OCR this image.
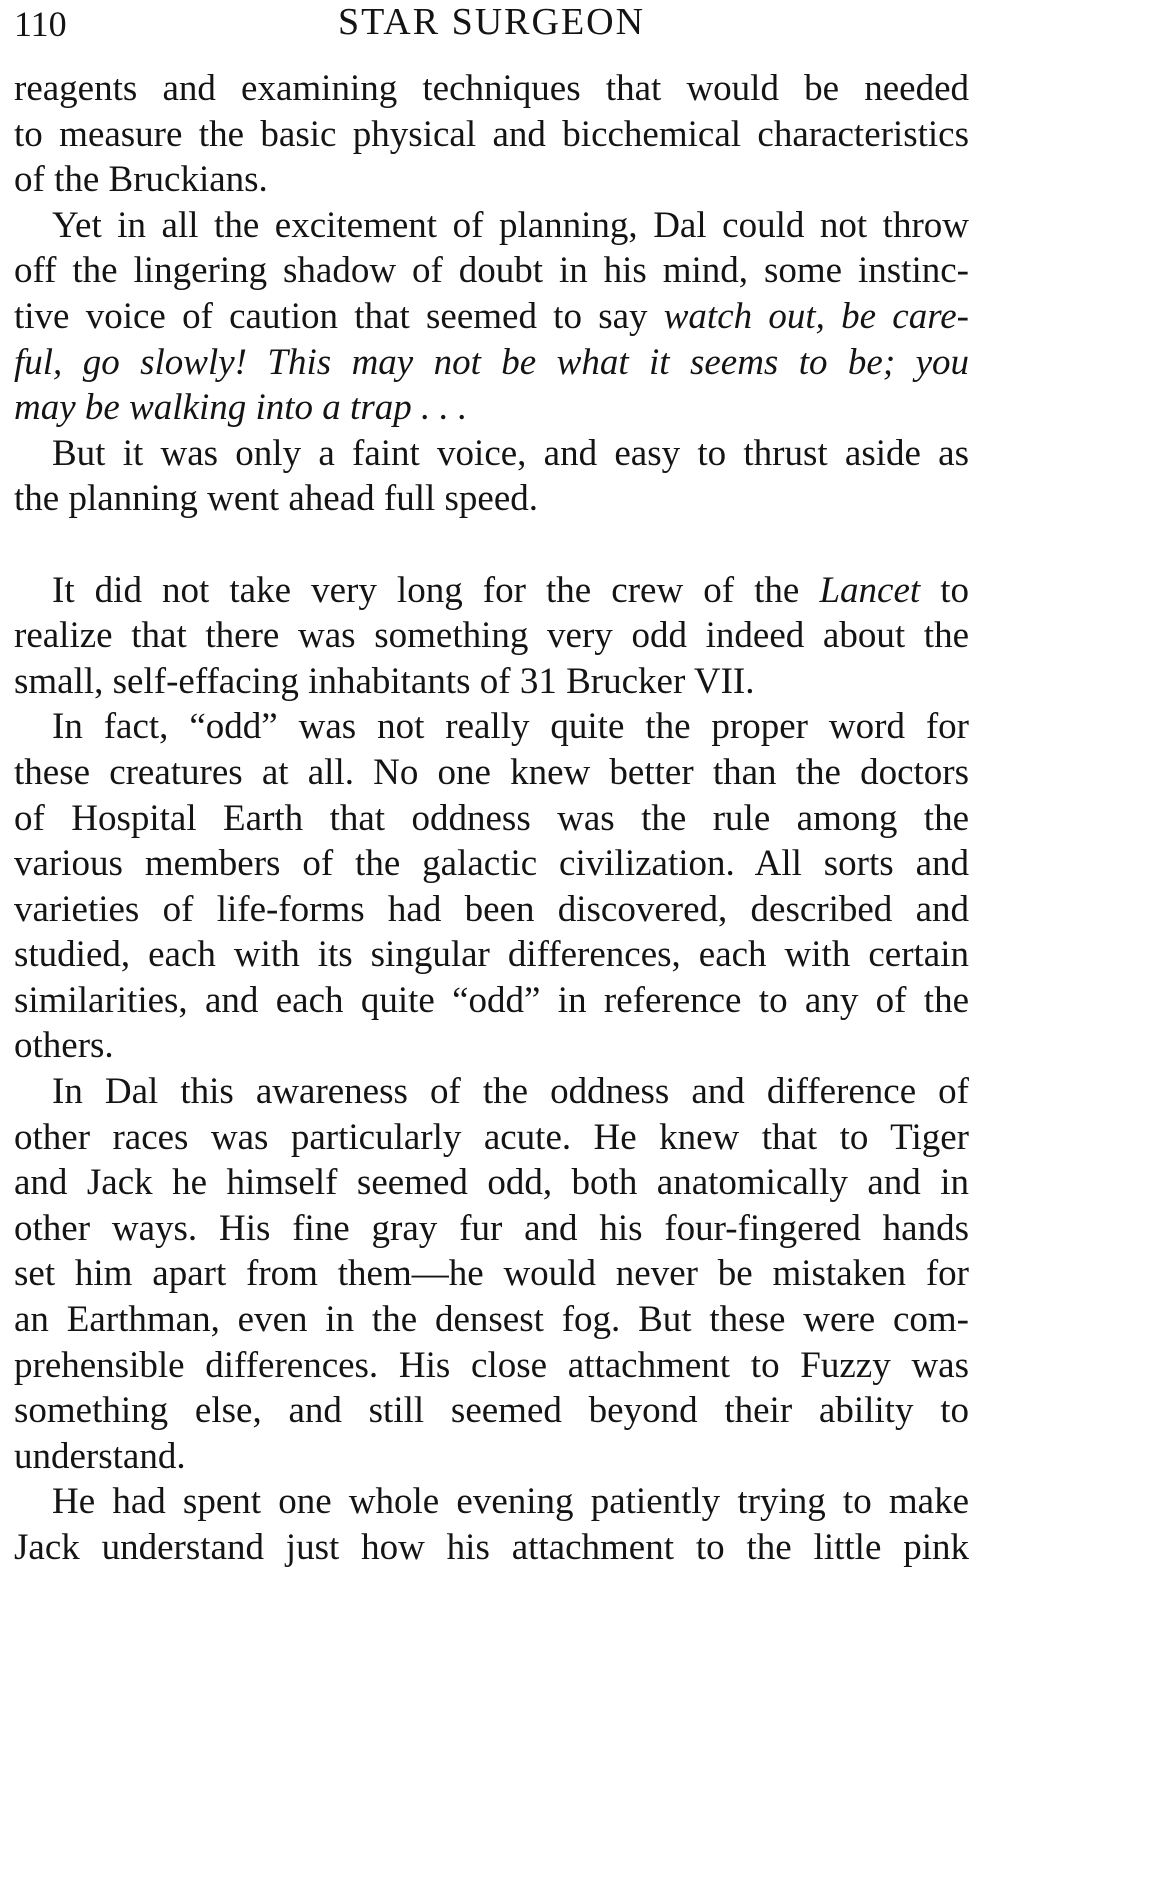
110	STAR SURGEON
reagents and examining techniques that would be needed
to measure the basic physical and bicchemical characteristics
of the Bruckians.
Yet in all the excitement of planning, Dal could not throw
off the lingering shadow of doubt in his mind, some instinc-
tive voice of caution that seemed to say watch out, be care-
ful, go slowly! This may not be what it seems to be; you
may be walking into a trap . . .
But it was only a faint voice, and easy to thrust aside as
the planning went ahead full speed.
It did not take very long for the crew of the Lancet to
realize that there was something very odd indeed about the
small, self-effacing inhabitants of 31 Brucker VII.
In fact, “odd” was not really quite the proper word for
these creatures at all. No one knew better than the doctors
of Hospital Earth that oddness was the rule among the
various members of the galactic civilization. All sorts and
varieties of life-forms had been discovered, described and
studied, each with its singular differences, each with certain
similarities, and each quite “odd” in reference to any of the
others.
In Dal this awareness of the oddness and difference of
other races was particularly acute. He knew that to Tiger
and Jack he himself seemed odd, both anatomically and in
other ways. His fine gray fur and his four-fingered hands
set him apart from them—he would never be mistaken for
an Earthman, even in the densest fog. But these were com-
prehensible differences. His close attachment to Fuzzy was
something else, and still seemed beyond their ability to
understand.
He had spent one whole evening patiently trying to make
Jack understand just how his attachment to the little pink
